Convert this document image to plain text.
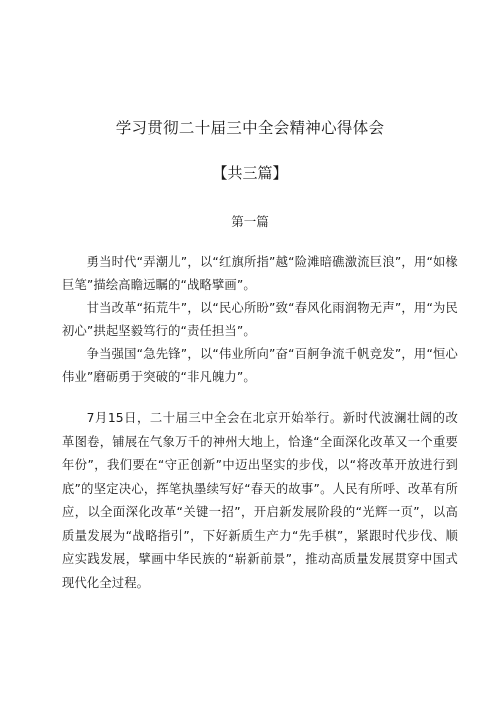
学习贯彻二十届三中全会精神心得体会
【共三篇】
第一篇

勇当时代“弄潮儿”，以“红旗所指”越“险滩暗礁激流巨浪”，用“如椽巨笔”描绘高瞻远瞩的“战略擘画”。

甘当改革“拓荒牛”，以“民心所盼”致“春风化雨润物无声”，用“为民初心”拱起坚毅笃行的“责任担当”。

争当强国“急先锋”，以“伟业所向”奋“百舸争流千帆竞发”，用“恒心伟业”磨砺勇于突破的“非凡魄力”。

7月15日，二十届三中全会在北京开始举行。新时代波澜壮阔的改革图卷，铺展在气象万千的神州大地上，恰逢“全面深化改革又一个重要年份”，我们要在“守正创新”中迈出坚实的步伐，以“将改革开放进行到底”的坚定决心，挥笔执墨续写好“春天的故事”。人民有所呼、改革有所应，以全面深化改革“关键一招”，开启新发展阶段的“光辉一页”，以高质量发展为“战略指引”，下好新质生产力“先手棋”，紧跟时代步伐、顺应实践发展，擘画中华民族的“崭新前景”，推动高质量发展贯穿中国式现代化全过程。
